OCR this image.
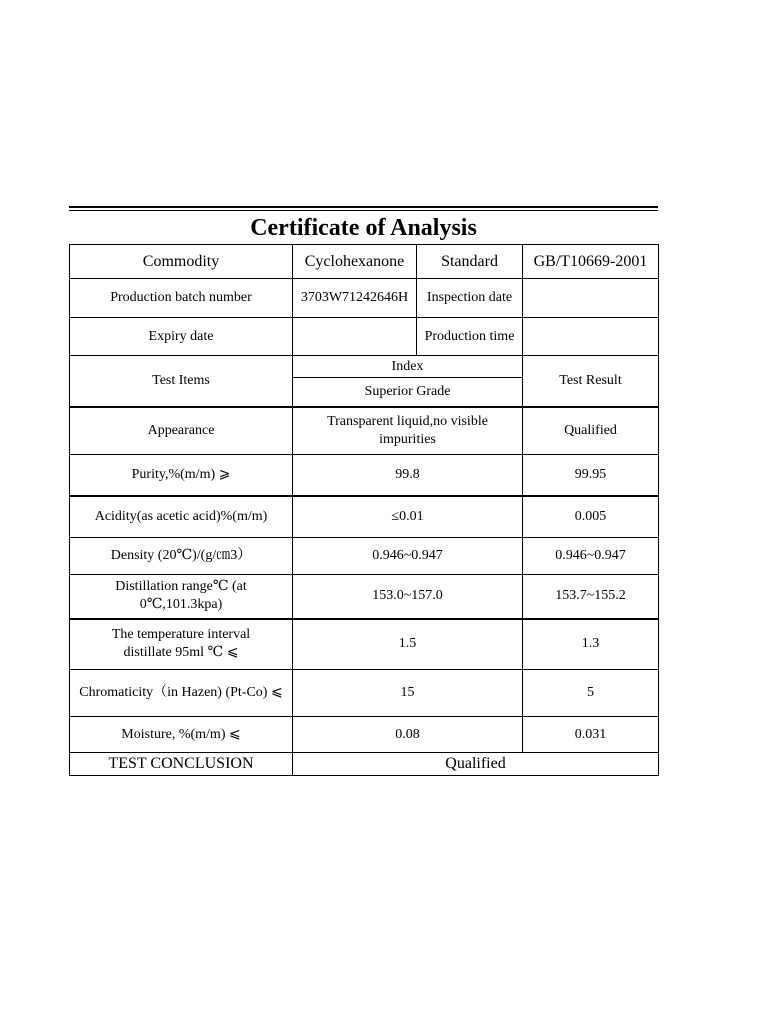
Certificate of Analysis
Commodity	Cyclohexanone	Standard	GB/T10669-2001
Production batch number	3703W71242646H	Inspection date	
Expiry date		Production time	
Test Items	Index		Test Result
	Superior Grade		
Appearance	Transparent liquid,no visible impurities		Qualified
Purity,%(m/m) ⩾	99.8		99.95
Acidity(as acetic acid)%(m/m)	≤0.01		0.005
Density (20℃)/(g/㎝3）	0.946~0.947		0.946~0.947
Distillation range℃ (at 0℃,101.3kpa)	153.0~157.0		153.7~155.2
The temperature interval distillate 95ml ℃ ⩽	1.5		1.3
Chromaticity（in Hazen) (Pt-Co) ⩽	15		5
Moisture, %(m/m) ⩽	0.08		0.031
TEST CONCLUSION	Qualified		
